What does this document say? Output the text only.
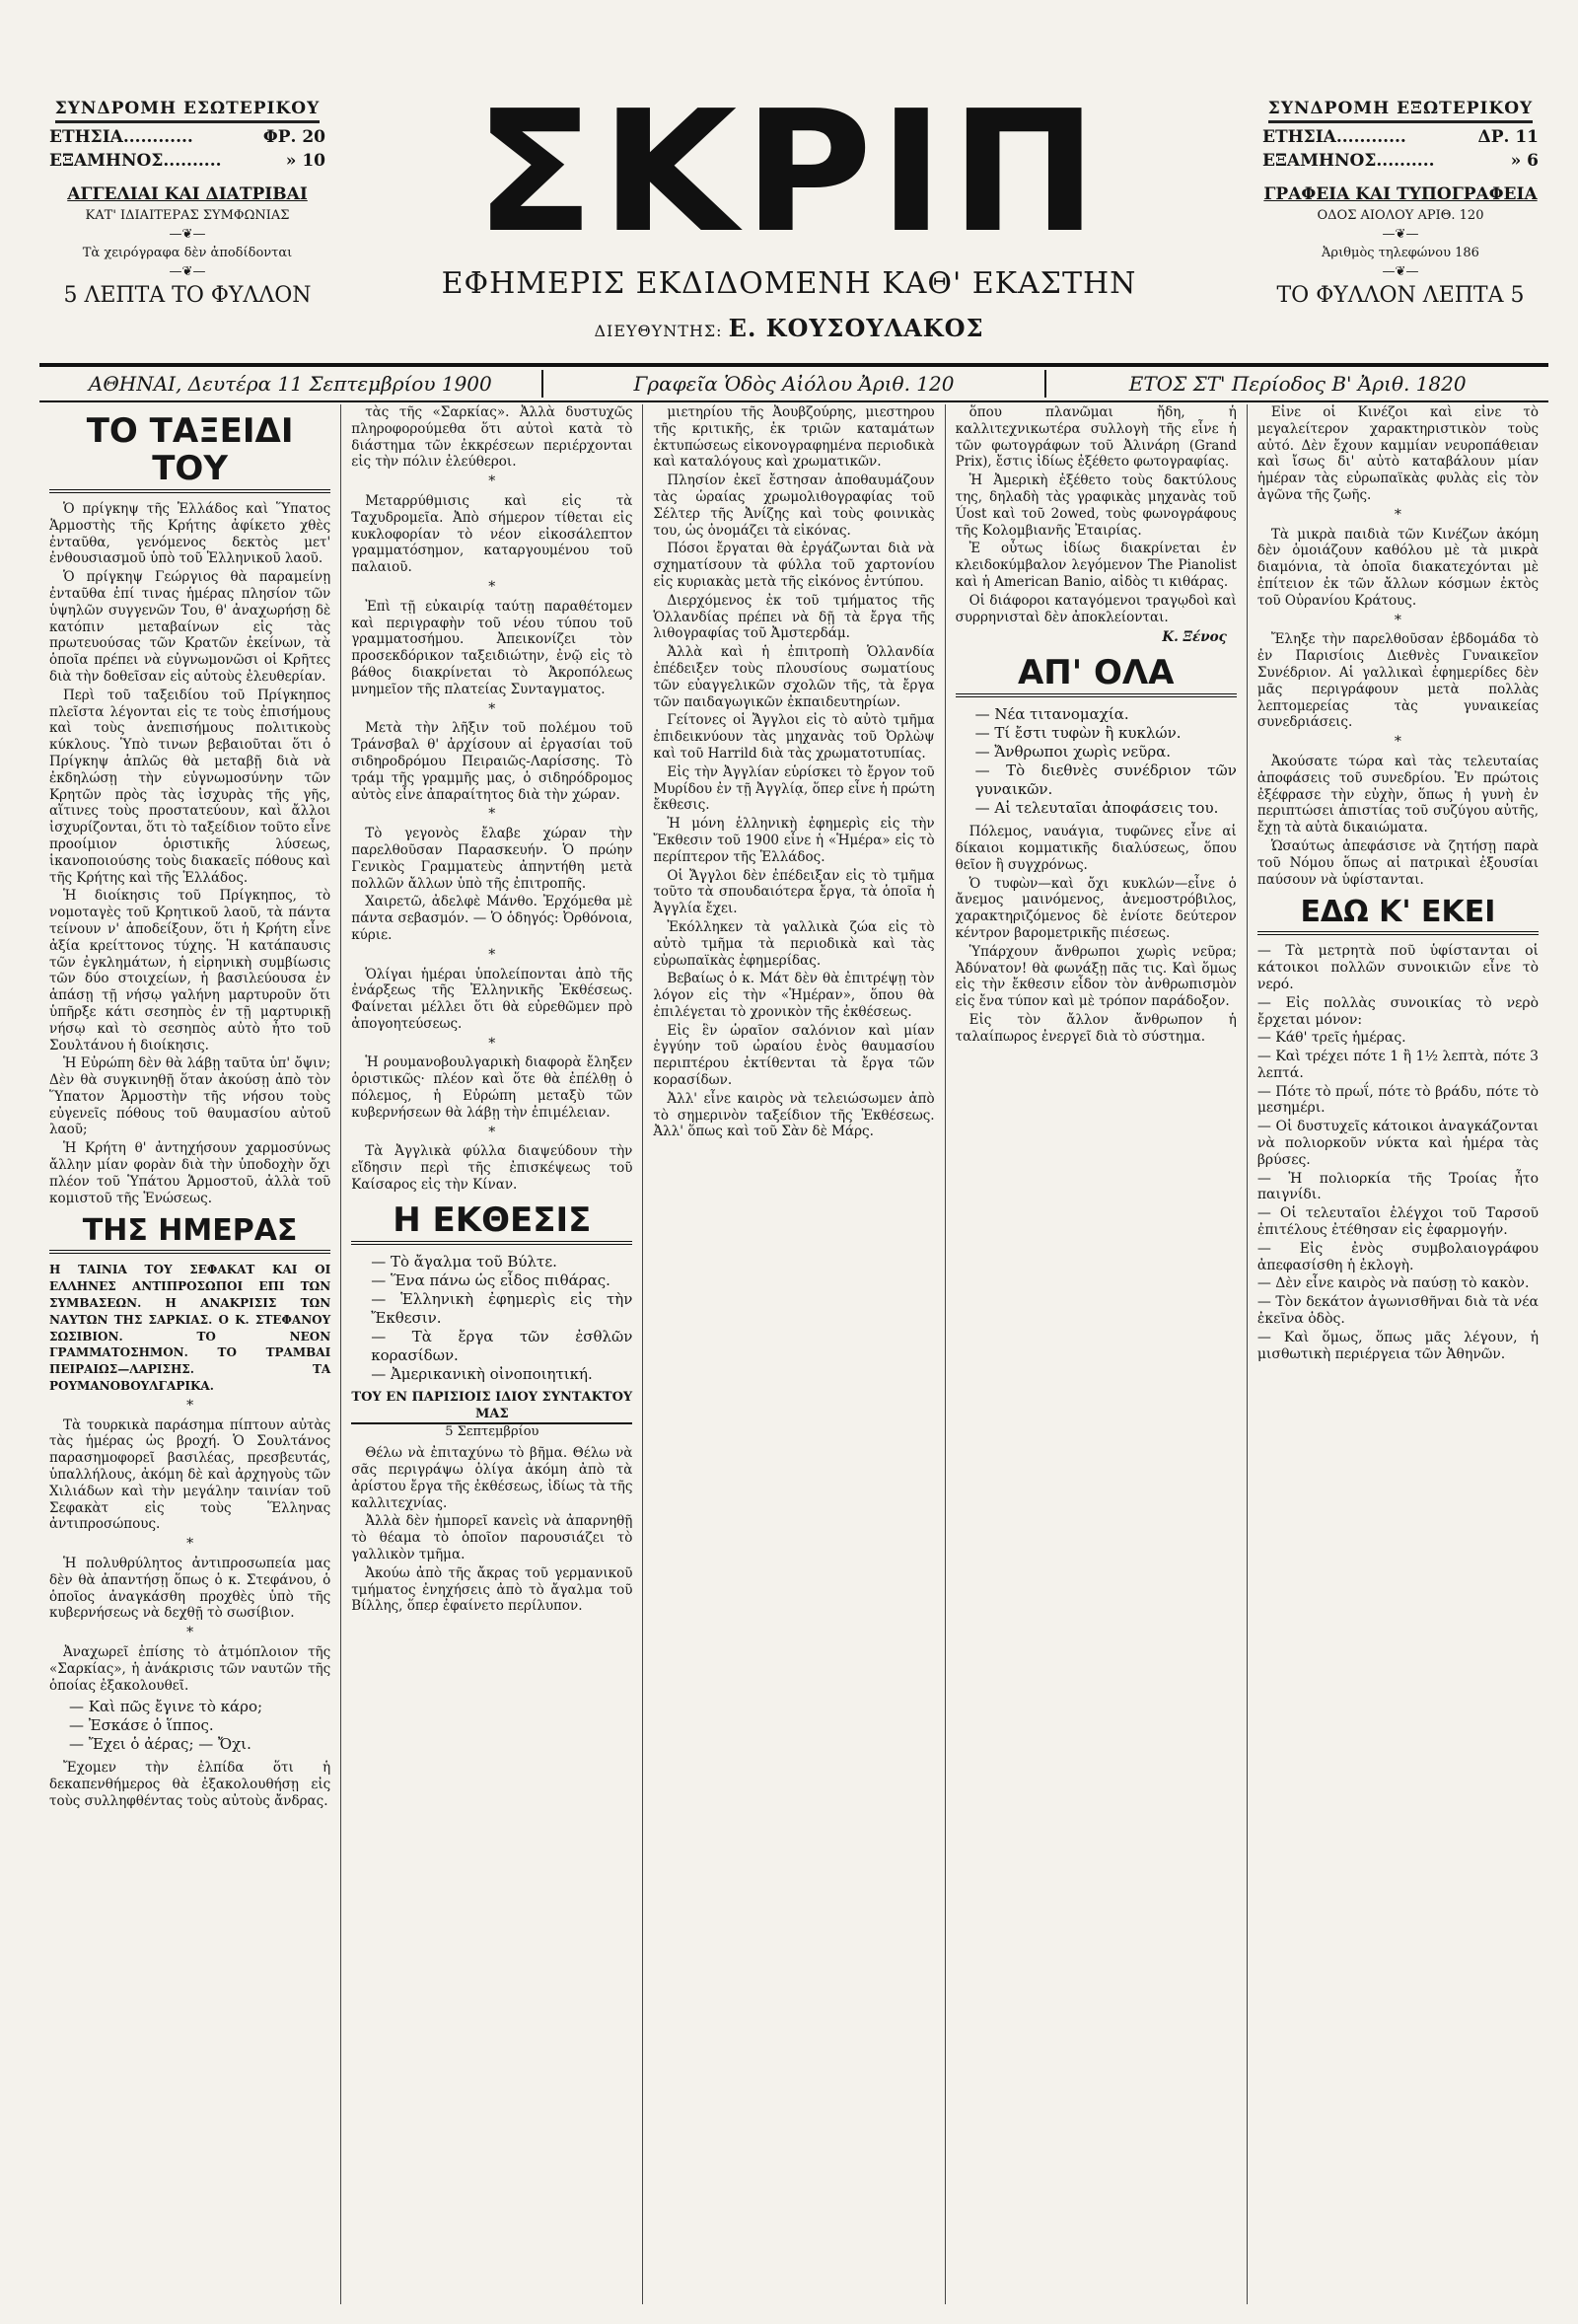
ΣΥΝΔΡΟΜΗ ΕΣΩΤΕΡΙΚΟΥ
ΕΤΗΣΙΑ............	ΦΡ. 20
ΕΞΑΜΗΝΟΣ..........	» 10
ΑΓΓΕΛΙΑΙ ΚΑΙ ΔΙΑΤΡΙΒΑΙ
ΚΑΤ' ΙΔΙΑΙΤΕΡΑΣ ΣΥΜΦΩΝΙΑΣ
—❦—
Τὰ χειρόγραφα δὲν ἀποδίδονται
—❦—
5 ΛΕΠΤΑ ΤΟ ΦΥΛΛΟΝ
ΣΚΡΙΠ
ΕΦΗΜΕΡΙΣ ΕΚΔΙΔΟΜΕΝΗ ΚΑΘ' ΕΚΑΣΤΗΝ
ΔΙΕΥΘΥΝΤΗΣ: Ε. ΚΟΥΣΟΥΛΑΚΟΣ
ΣΥΝΔΡΟΜΗ ΕΞΩΤΕΡΙΚΟΥ
ΕΤΗΣΙΑ............	ΔΡ. 11
ΕΞΑΜΗΝΟΣ..........	» 6
ΓΡΑΦΕΙΑ ΚΑΙ ΤΥΠΟΓΡΑΦΕΙΑ
ΟΔΟΣ ΑΙΟΛΟΥ ΑΡΙΘ. 120
—❦—
Ἀριθμὸς τηλεφώνου 186
—❦—
ΤΟ ΦΥΛΛΟΝ ΛΕΠΤΑ 5
ΑΘΗΝΑΙ, Δευτέρα 11 Σεπτεμβρίου 1900	Γραφεῖα Ὁδὸς Αἰόλου Ἀριθ. 120	ΕΤΟΣ ΣΤ' Περίοδος Β' Ἀριθ. 1820
ΤΟ ΤΑΞΕΙΔΙ ΤΟΥ

Ὁ πρίγκηψ τῆς Ἑλλάδος καὶ Ὕπατος Ἁρμοστὴς τῆς Κρήτης ἀφίκετο χθὲς ἐνταῦθα, γενόμενος δεκτὸς μετ' ἐνθουσιασμοῦ ὑπὸ τοῦ Ἑλληνικοῦ λαοῦ.

Ὁ πρίγκηψ Γεώργιος θὰ παραμείνῃ ἐνταῦθα ἐπί τινας ἡμέρας πλησίον τῶν ὑψηλῶν συγγενῶν Του, θ' ἀναχωρήσῃ δὲ κατόπιν μεταβαίνων εἰς τὰς πρωτευούσας τῶν Κρατῶν ἐκείνων, τὰ ὁποῖα πρέπει νὰ εὐγνωμονῶσι οἱ Κρῆτες διὰ τὴν δοθεῖσαν εἰς αὐτοὺς ἐλευθερίαν.

Περὶ τοῦ ταξειδίου τοῦ Πρίγκηπος πλεῖστα λέγονται εἰς τε τοὺς ἐπισήμους καὶ τοὺς ἀνεπισήμους πολιτικοὺς κύκλους. Ὑπὸ τινων βεβαιοῦται ὅτι ὁ Πρίγκηψ ἁπλῶς θὰ μεταβῇ διὰ νὰ ἐκδηλώσῃ τὴν εὐγνωμοσύνην τῶν Κρητῶν πρὸς τὰς ἰσχυρὰς τῆς γῆς, αἵτινες τοὺς προστατεύουν, καὶ ἄλλοι ἰσχυρίζονται, ὅτι τὸ ταξείδιον τοῦτο εἶνε προοίμιον ὁριστικῆς λύσεως, ἱκανοποιούσης τοὺς διακαεῖς πόθους καὶ τῆς Κρήτης καὶ τῆς Ἑλλάδος.

Ἡ διοίκησις τοῦ Πρίγκηπος, τὸ νομοταγὲς τοῦ Κρητικοῦ λαοῦ, τὰ πάντα τείνουν ν' ἀποδείξουν, ὅτι ἡ Κρήτη εἶνε ἀξία κρείττονος τύχης. Ἡ κατάπαυσις τῶν ἐγκλημάτων, ἡ εἰρηνικὴ συμβίωσις τῶν δύο στοιχείων, ἡ βασιλεύουσα ἐν ἁπάσῃ τῇ νήσῳ γαλήνη μαρτυροῦν ὅτι ὑπῆρξε κάτι σεσηπὸς ἐν τῇ μαρτυρικῇ νήσῳ καὶ τὸ σεσηπὸς αὐτὸ ἦτο τοῦ Σουλτάνου ἡ διοίκησις.

Ἡ Εὐρώπη δὲν θὰ λάβῃ ταῦτα ὑπ' ὄψιν; Δὲν θὰ συγκινηθῇ ὅταν ἀκούσῃ ἀπὸ τὸν Ὕπατον Ἁρμοστὴν τῆς νήσου τοὺς εὐγενεῖς πόθους τοῦ θαυμασίου αὐτοῦ λαοῦ;

Ἡ Κρήτη θ' ἀντηχήσουν χαρμοσύνως ἄλλην μίαν φορὰν διὰ τὴν ὑποδοχὴν ὄχι πλέον τοῦ Ὑπάτου Ἁρμοστοῦ, ἀλλὰ τοῦ κομιστοῦ τῆς Ἑνώσεως.

ΤΗΣ ΗΜΕΡΑΣ

Η ΤΑΙΝΙΑ ΤΟΥ ΣΕΦΑΚΑΤ ΚΑΙ ΟΙ ΕΛΛΗΝΕΣ ΑΝΤΙΠΡΟΣΩΠΟΙ ΕΠΙ ΤΩΝ ΣΥΜΒΑΣΕΩΝ. Η ΑΝΑΚΡΙΣΙΣ ΤΩΝ ΝΑΥΤΩΝ ΤΗΣ ΣΑΡΚΙΑΣ. Ο Κ. ΣΤΕΦΑΝΟΥ ΣΩΣΙΒΙΟΝ. ΤΟ ΝΕΟΝ ΓΡΑΜΜΑΤΟΣΗΜΟΝ. ΤΟ ΤΡΑΜΒΑΙ ΠΕΙΡΑΙΩΣ—ΛΑΡΙΣΗΣ. ΤΑ ΡΟΥΜΑΝΟΒΟΥΛΓΑΡΙΚΑ.

*

Τὰ τουρκικὰ παράσημα πίπτουν αὐτὰς τὰς ἡμέρας ὡς βροχή. Ὁ Σουλτάνος παρασημοφορεῖ βασιλέας, πρεσβευτάς, ὑπαλλήλους, ἀκόμη δὲ καὶ ἀρχηγοὺς τῶν Χιλιάδων καὶ τὴν μεγάλην ταινίαν τοῦ Σεφακὰτ εἰς τοὺς Ἕλληνας ἀντιπροσώπους.

*

Ἡ πολυθρύλητος ἀντιπροσωπεία μας δὲν θὰ ἀπαντήσῃ ὅπως ὁ κ. Στεφάνου, ὁ ὁποῖος ἀναγκάσθη προχθὲς ὑπὸ τῆς κυβερνήσεως νὰ δεχθῇ τὸ σωσίβιον.

*

Ἀναχωρεῖ ἐπίσης τὸ ἀτμόπλοιον τῆς «Σαρκίας», ἡ ἀνάκρισις τῶν ναυτῶν τῆς ὁποίας ἐξακολουθεῖ.

— Καὶ πῶς ἔγινε τὸ κάρο;
— Ἐσκάσε ὁ ἵππος.
— Ἔχει ὁ ἀέρας; — Ὄχι.

Ἔχομεν τὴν ἐλπίδα ὅτι ἡ δεκαπενθήμερος θὰ ἐξακολουθήσῃ εἰς τοὺς συλληφθέντας τοὺς αὐτοὺς ἄνδρας.

τὰς τῆς «Σαρκίας». Ἀλλὰ δυστυχῶς πληροφορούμεθα ὅτι αὐτοὶ κατὰ τὸ διάστημα τῶν ἐκκρέσεων περιέρχονται εἰς τὴν πόλιν ἐλεύθεροι.

*

Μεταρρύθμισις καὶ εἰς τὰ Ταχυδρομεῖα. Ἀπὸ σήμερον τίθεται εἰς κυκλοφορίαν τὸ νέον εἰκοσάλεπτον γραμματόσημον, καταργουμένου τοῦ παλαιοῦ.

*

Ἐπὶ τῇ εὐκαιρίᾳ ταύτῃ παραθέτομεν καὶ περιγραφὴν τοῦ νέου τύπου τοῦ γραμματοσήμου. Ἀπεικονίζει τὸν προσεκδόρικον ταξειδιώτην, ἐνῷ εἰς τὸ βάθος διακρίνεται τὸ Ἀκροπόλεως μνημεῖον τῆς πλατείας Συνταγματος.

*

Μετὰ τὴν λῆξιν τοῦ πολέμου τοῦ Τράνσβαλ θ' ἀρχίσουν αἱ ἐργασίαι τοῦ σιδηροδρόμου Πειραιῶς-Λαρίσσης. Τὸ τράμ τῆς γραμμῆς μας, ὁ σιδηρόδρομος αὐτὸς εἶνε ἀπαραίτητος διὰ τὴν χώραν.

*

Τὸ γεγονὸς ἔλαβε χώραν τὴν παρελθοῦσαν Παρασκευήν. Ὁ πρώην Γενικὸς Γραμματεὺς ἀπηντήθη μετὰ πολλῶν ἄλλων ὑπὸ τῆς ἐπιτροπῆς.

Χαιρετῶ, ἀδελφὲ Μάνθο. Ἐρχόμεθα μὲ πάντα σεβασμόν. — Ὁ ὁδηγός: Ὀρθόνοια, κύριε.

*

Ὁλίγαι ἡμέραι ὑπολείπονται ἀπὸ τῆς ἐνάρξεως τῆς Ἐλληνικῆς Ἐκθέσεως. Φαίνεται μέλλει ὅτι θὰ εὐρεθῶμεν πρὸ ἀπογοητεύσεως.

*

Ἡ ρουμανοβουλγαρικὴ διαφορὰ ἔληξεν ὁριστικῶς· πλέον καὶ ὅτε θὰ ἐπέλθῃ ὁ πόλεμος, ἡ Εὐρώπη μεταξὺ τῶν κυβερνήσεων θὰ λάβῃ τὴν ἐπιμέλειαν.

*

Τὰ Ἀγγλικὰ φύλλα διαψεύδουν τὴν εἴδησιν περὶ τῆς ἐπισκέψεως τοῦ Καίσαρος εἰς τὴν Κίναν.

Η ΕΚΘΕΣΙΣ
— Τὸ ἄγαλμα τοῦ Βύλτε.
— Ἕνα πάνω ὡς εἶδος πιθάρας.
— Ἑλληνικὴ ἐφημερὶς εἰς τὴν Ἔκθεσιν.
— Τὰ ἔργα τῶν ἐσθλῶν κορασίδων.
— Ἀμερικανικὴ οἰνοποιητική.
ΤΟΥ ΕΝ ΠΑΡΙΣΙΟΙΣ ΙΔΙΟΥ ΣΥΝΤΑΚΤΟΥ ΜΑΣ
5 Σεπτεμβρίου

Θέλω νὰ ἐπιταχύνω τὸ βῆμα. Θέλω νὰ σᾶς περιγράψω ὁλίγα ἀκόμη ἀπὸ τὰ ἀρίστου ἔργα τῆς ἐκθέσεως, ἰδίως τὰ τῆς καλλιτεχνίας.

Ἀλλὰ δὲν ἠμπορεῖ κανεὶς νὰ ἀπαρνηθῇ τὸ θέαμα τὸ ὁποῖον παρουσιάζει τὸ γαλλικὸν τμῆμα.

Ἀκούω ἀπὸ τῆς ἄκρας τοῦ γερμανικοῦ τμήματος ἐνηχήσεις ἀπὸ τὸ ἄγαλμα τοῦ Βίλλης, ὅπερ ἐφαίνετο περίλυπον.

μιετηρίου τῆς Ἀουβζούρης, μιεστηρου τῆς κριτικῆς, ἐκ τριῶν καταμάτων ἐκτυπώσεως εἰκονογραφημένα περιοδικὰ καὶ καταλόγους καὶ χρωματικῶν.

Πλησίον ἐκεῖ ἔστησαν ἀποθαυμάζουν τὰς ὡραίας χρωμολιθογραφίας τοῦ Σέλτερ τῆς Ἀνίζης καὶ τοὺς φοινικὰς του, ὡς ὀνομάζει τὰ εἰκόνας.

Πόσοι ἔργαται θὰ ἐργάζωνται διὰ νὰ σχηματίσουν τὰ φύλλα τοῦ χαρτονίου εἰς κυριακὰς μετὰ τῆς εἰκόνος ἐντύπου.

Διερχόμενος ἐκ τοῦ τμήματος τῆς Ὁλλανδίας πρέπει νὰ δῇ τὰ ἔργα τῆς λιθογραφίας τοῦ Ἀμστερδάμ.

Ἀλλὰ καὶ ἡ ἐπιτροπὴ Ὁλλανδία ἐπέδειξεν τοὺς πλουσίους σωματίους τῶν εὐαγγελικῶν σχολῶν τῆς, τὰ ἔργα τῶν παιδαγωγικῶν ἐκπαιδευτηρίων.

Γείτονες οἱ Ἄγγλοι εἰς τὸ αὐτὸ τμῆμα ἐπιδεικνύουν τὰς μηχανὰς τοῦ Ὀρλὼψ καὶ τοῦ Harrild διὰ τὰς χρωματοτυπίας.

Εἰς τὴν Ἀγγλίαν εὑρίσκει τὸ ἔργον τοῦ Μυρίδου ἐν τῇ Ἀγγλίᾳ, ὅπερ εἶνε ἡ πρώτη ἔκθεσις.

Ἡ μόνη ἑλληνικὴ ἐφημερὶς εἰς τὴν Ἔκθεσιν τοῦ 1900 εἶνε ἡ «Ἡμέρα» εἰς τὸ περίπτερον τῆς Ἑλλάδος.

Οἱ Ἄγγλοι δὲν ἐπέδειξαν εἰς τὸ τμῆμα τοῦτο τὰ σπουδαιότερα ἔργα, τὰ ὁποῖα ἡ Ἀγγλία ἔχει.

Ἐκόλληκεν τὰ γαλλικὰ ζώα εἰς τὸ αὐτὸ τμῆμα τὰ περιοδικὰ καὶ τὰς εὐρωπαϊκὰς ἐφημερίδας.

Βεβαίως ὁ κ. Μάτ δὲν θὰ ἐπιτρέψῃ τὸν λόγον εἰς τὴν «Ἡμέραν», ὅπου θὰ ἐπιλέγεται τὸ χρονικὸν τῆς ἐκθέσεως.

Εἰς ἓν ὡραῖον σαλόνιον καὶ μίαν ἐγγύην τοῦ ὠραίου ἑνὸς θαυμασίου περιπτέρου ἐκτίθενται τὰ ἔργα τῶν κορασίδων.

Ἀλλ' εἶνε καιρὸς νὰ τελειώσωμεν ἀπὸ τὸ σημερινὸν ταξείδιον τῆς Ἐκθέσεως. Ἀλλ' ὅπως καὶ τοῦ Σὰν δὲ Μάρς.

ὅπου πλανῶμαι ἤδη, ἡ καλλιτεχνικωτέρα συλλογὴ τῆς εἶνε ἡ τῶν φωτογράφων τοῦ Ἀλινάρη (Grand Prix), ἔστις ἰδίως ἐξέθετο φωτογραφίας.

Ἡ Ἀμερικὴ ἐξέθετο τοὺς δακτύλους της, δηλαδὴ τὰς γραφικὰς μηχανὰς τοῦ Úost καὶ τοῦ 2owed, τοὺς φωνογράφους τῆς Κολομβιανῆς Ἐταιρίας.

Ἐ οὖτως ἰδίως διακρίνεται ἐν κλειδοκύμβαλον λεγόμενον The Pianolist καὶ ἡ American Banio, αἰδὸς τι κιθάρας.

Οἱ διάφοροι καταγόμενοι τραγῳδοὶ καὶ συρρηνισταὶ δὲν ἀποκλείονται.

Κ. Ξένος
ΑΠ' ΟΛΑ
— Νέα τιτανομαχία.
— Τί ἔστι τυφὼν ἢ κυκλών.
— Ἄνθρωποι χωρὶς νεῦρα.
— Τὸ διεθνὲς συνέδριον τῶν γυναικῶν.
— Αἱ τελευταῖαι ἀποφάσεις του.

Πόλεμος, ναυάγια, τυφῶνες εἶνε αἱ δίκαιοι κομματικῆς διαλύσεως, ὅπου θεῖον ἢ συγχρόνως.

Ὁ τυφὼν—καὶ ὄχι κυκλών—εἶνε ὁ ἄνεμος μαινόμενος, ἀνεμοστρόβιλος, χαρακτηριζόμενος δὲ ἐνίοτε δεύτερον κέντρον βαρομετρικῆς πιέσεως.

Ὑπάρχουν ἄνθρωποι χωρὶς νεῦρα; Ἀδύνατον! θὰ φωνάξῃ πᾶς τις. Καὶ ὅμως εἰς τὴν ἔκθεσιν εἶδον τὸν ἀνθρωπισμὸν εἰς ἔνα τύπον καὶ μὲ τρόπον παράδοξον.

Εἰς τὸν ἄλλον ἄνθρωπον ἡ ταλαίπωρος ἐνεργεῖ διὰ τὸ σύστημα.

Εἶνε οἱ Κινέζοι καὶ εἶνε τὸ μεγαλείτερον χαρακτηριστικὸν τοὺς αὐτό. Δὲν ἔχουν καμμίαν νευροπάθειαν καὶ ἴσως δι' αὐτὸ καταβάλουν μίαν ἡμέραν τὰς εὐρωπαϊκὰς φυλὰς εἰς τὸν ἀγῶνα τῆς ζωῆς.

*

Τὰ μικρὰ παιδιὰ τῶν Κινέζων ἀκόμη δὲν ὁμοιάζουν καθόλου μὲ τὰ μικρὰ διαμόνια, τὰ ὁποῖα διακατεχόνται μὲ ἐπίτειον ἐκ τῶν ἄλλων κόσμων ἐκτὸς τοῦ Οὐρανίου Κράτους.

*

Ἔληξε τὴν παρελθοῦσαν ἑβδομάδα τὸ ἐν Παρισίοις Διεθνὲς Γυναικεῖον Συνέδριον. Αἱ γαλλικαὶ ἐφημερίδες δὲν μᾶς περιγράφουν μετὰ πολλὰς λεπτομερείας τὰς γυναικείας συνεδριάσεις.

*

Ἀκούσατε τώρα καὶ τὰς τελευταίας ἀποφάσεις τοῦ συνεδρίου. Ἐν πρώτοις ἐξέφρασε τὴν εὐχὴν, ὅπως ἡ γυνὴ ἐν περιπτώσει ἀπιστίας τοῦ συζύγου αὐτῆς, ἔχῃ τὰ αὐτὰ δικαιώματα.

Ὡσαύτως ἀπεφάσισε νὰ ζητήσῃ παρὰ τοῦ Νόμου ὅπως αἱ πατρικαὶ ἐξουσίαι παύσουν νὰ ὑφίστανται.

ΕΔΩ Κ' ΕΚΕΙ
— Τὰ μετρητὰ ποῦ ὑφίστανται οἱ κάτοικοι πολλῶν συνοικιῶν εἶνε τὸ νερό.
— Εἰς πολλὰς συνοικίας τὸ νερὸ ἔρχεται μόνον:
— Κάθ' τρεῖς ἡμέρας.
— Καὶ τρέχει πότε 1 ἢ 1½ λεπτὰ, πότε 3 λεπτά.
— Πότε τὸ πρωΐ, πότε τὸ βράδυ, πότε τὸ μεσημέρι.
— Οἱ δυστυχεῖς κάτοικοι ἀναγκάζονται νὰ πολιορκοῦν νύκτα καὶ ἡμέρα τὰς βρύσες.
— Ἡ πολιορκία τῆς Τροίας ἦτο παιγνίδι.
— Οἱ τελευταῖοι ἐλέγχοι τοῦ Ταρσοῦ ἐπιτέλους ἐτέθησαν εἰς ἐφαρμογήν.
— Εἰς ἐνὸς συμβολαιογράφου ἀπεφασίσθη ἡ ἐκλογὴ.
— Δὲν εἶνε καιρὸς νὰ παύσῃ τὸ κακὸν.
— Τὸν δεκάτον ἀγωνισθῆναι διὰ τὰ νέα ἐκεῖνα ὁδὸς.
— Καὶ ὅμως, ὅπως μᾶς λέγουν, ἡ μισθωτικὴ περιέργεια τῶν Ἀθηνῶν.
